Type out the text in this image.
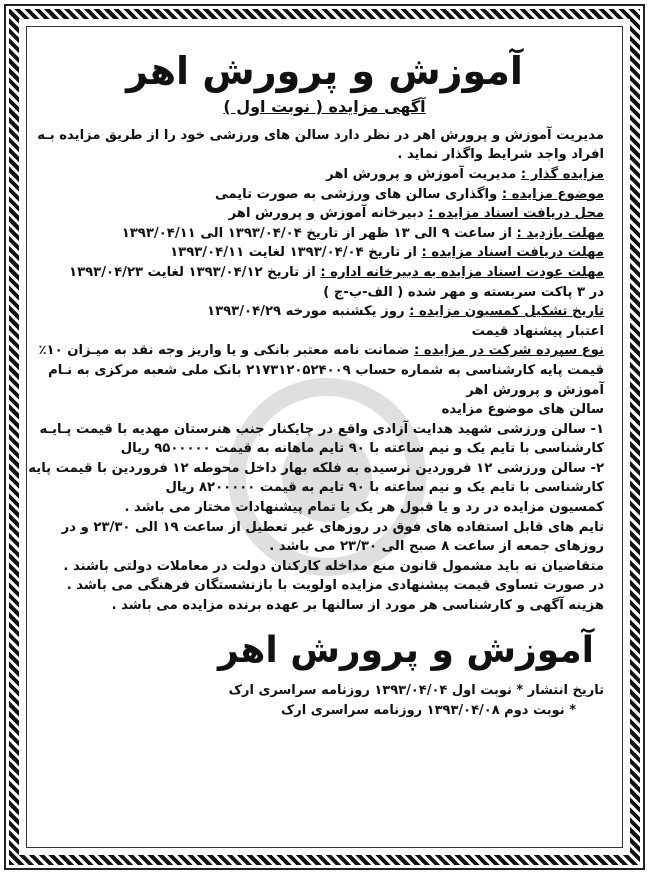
آموزش و پرورش اهر
آگهی مزایده ( نوبت اول )
مدیریت آموزش و پرورش اهر در نظر دارد سالن های ورزشی خود را از طریق مزایده بـه
افراد واجد شرایط واگذار نماید .
مزایده گذار : مدیریت آموزش و پرورش اهر
موضوع مزایده : واگذاری سالن های ورزشی به صورت تایمی
محل دریافت اسناد مزایده : دبیرخانه آموزش و پرورش اهر
مهلت بازدید : از ساعت ۹ الی ۱۳ ظهر از تاریخ ۱۳۹۳/۰۴/۰۴ الی ۱۳۹۳/۰۴/۱۱
مهلت دریافت اسناد مزایده : از تاریخ ۱۳۹۳/۰۴/۰۴ لغایت ۱۳۹۳/۰۴/۱۱
مهلت عودت اسناد مزایده به دبیرخانه اداره : از تاریخ ۱۳۹۳/۰۴/۱۲ لغایت ۱۳۹۳/۰۴/۲۳
در ۳ پاکت سربسته و مهر شده ( الف-ب-ج )
تاریخ تشکیل کمسیون مزایده : روز یکشنبه مورخه ۱۳۹۳/۰۴/۲۹
اعتبار پیشنهاد قیمت
نوع سپرده شرکت در مزایده : ضمانت نامه معتبر بانکی و یا واریز وجه نقد به میـزان ۱۰٪
قیمت پایه کارشناسی به شماره حساب ۲۱۷۳۱۲۰۵۲۴۰۰۹ بانک ملی شعبه مرکزی به نـام
آموزش و پرورش اهر
سالن های موضوع مزایده
۱- سالن ورزشی شهید هدایت آزادی واقع در چایکنار جنب هنرستان مهدیه با قیمت پـایـه
کارشناسی با تایم یک و نیم ساعته با ۹۰ تایم ماهانه به قیمت ۹۵۰۰۰۰۰ ریال
۲- سالن ورزشی ۱۲ فروردین نرسیده به فلکه بهار داخل محوطه ۱۲ فروردین با قیمت پایه
کارشناسی با تایم یک و نیم ساعته با ۹۰ تایم به قیمت ۸۲۰۰۰۰۰ ریال
کمسیون مزایده در رد و یا قبول هر یک یا تمام پیشنهادات مختار می باشد .
تایم های قابل استفاده های فوق در روزهای غیر تعطیل از ساعت ۱۹ الی ۲۳/۳۰ و در
روزهای جمعه از ساعت ۸ صبح الی ۲۳/۳۰ می باشد .
متقاضیان نه باید مشمول قانون منع مداخله کارکنان دولت در معاملات دولتی باشند .
در صورت تساوی قیمت پیشنهادی مزایده اولویت با بازنشستگان فرهنگی می باشد .
هزینه آگهی و کارشناسی هر مورد از سالنها بر عهده برنده مزایده می باشد .
آموزش و پرورش اهر
تاریخ انتشار * نوبت اول ۱۳۹۳/۰۴/۰۴ روزنامه سراسری ارک
* نوبت دوم ۱۳۹۳/۰۴/۰۸ روزنامه سراسری ارک
